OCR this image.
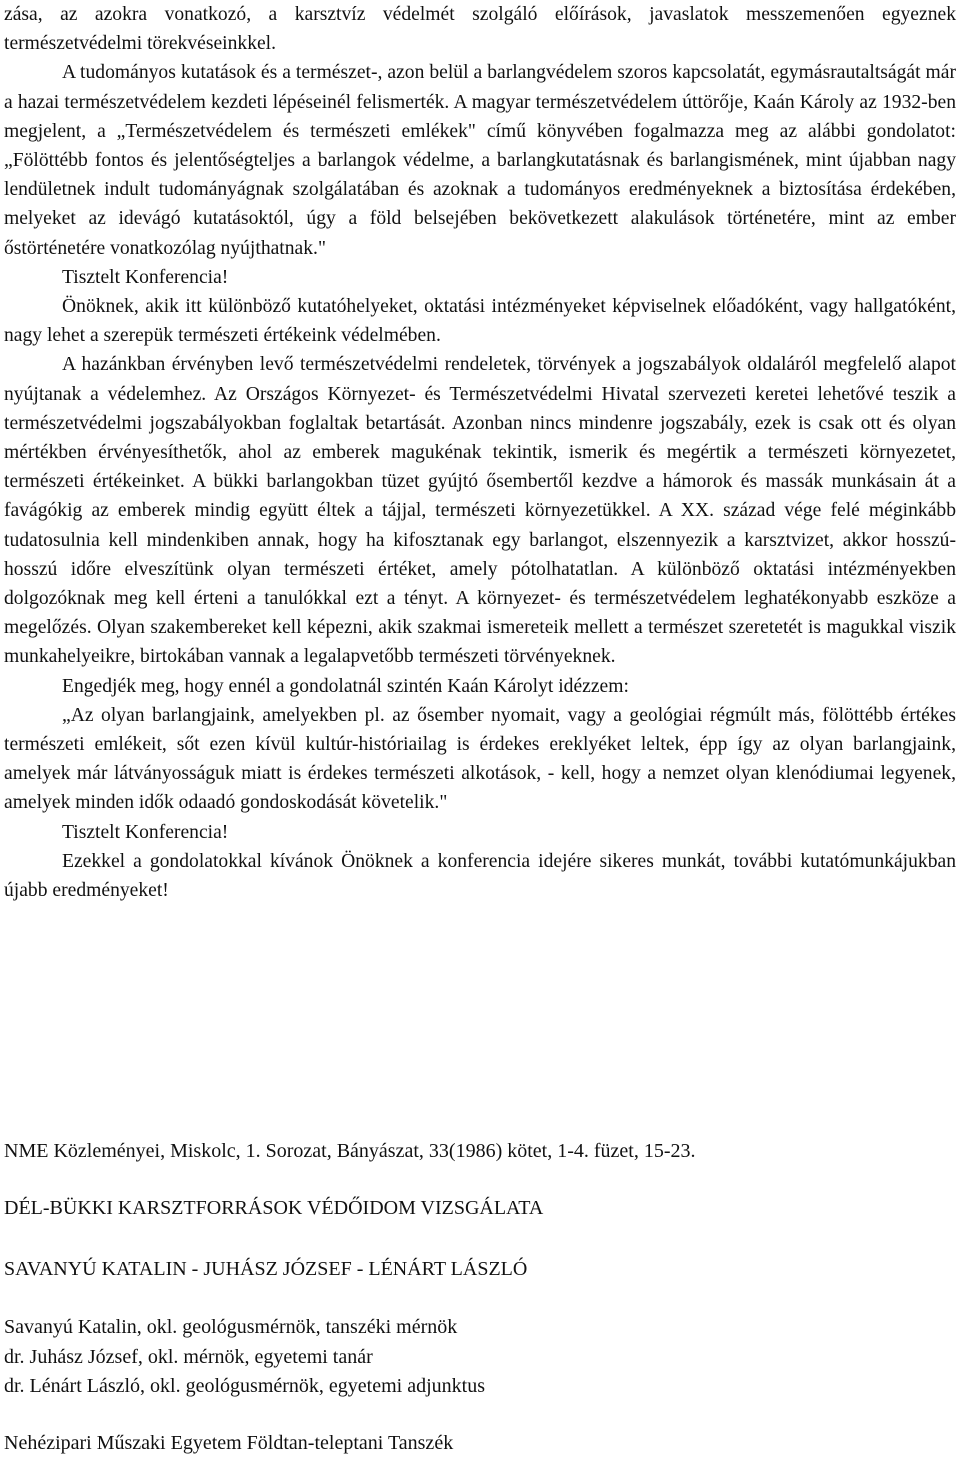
zása, az azokra vonatkozó, a karsztvíz védelmét szolgáló előírások, javaslatok messzemenően egyeznek természetvédelmi törekvéseinkkel.

A tudományos kutatások és a természet-, azon belül a barlangvédelem szoros kapcsolatát, egymásrautaltságát már a hazai természetvédelem kezdeti lépéseinél felismerték. A magyar természetvédelem úttörője, Kaán Károly az 1932-ben megjelent, a „Természetvédelem és természeti emlékek" című könyvében fogalmazza meg az alábbi gondolatot: „Fölöttébb fontos és jelentőségteljes a barlangok védelme, a barlangkutatásnak és barlangismének, mint újabban nagy lendületnek indult tudományágnak szolgálatában és azoknak a tudományos eredményeknek a biztosítása érdekében, melyeket az idevágó kutatásoktól, úgy a föld belsejében bekövetkezett alakulások történetére, mint az ember őstörténetére vonatkozólag nyújthatnak."

Tisztelt Konferencia!

Önöknek, akik itt különböző kutatóhelyeket, oktatási intézményeket képviselnek előadóként, vagy hallgatóként, nagy lehet a szerepük természeti értékeink védelmében.

A hazánkban érvényben levő természetvédelmi rendeletek, törvények a jogszabályok oldaláról megfelelő alapot nyújtanak a védelemhez. Az Országos Környezet- és Természetvédelmi Hivatal szervezeti keretei lehetővé teszik a természetvédelmi jogszabályokban foglaltak betartását. Azonban nincs mindenre jogszabály, ezek is csak ott és olyan mértékben érvényesíthetők, ahol az emberek magukénak tekintik, ismerik és megértik a természeti környezetet, természeti értékeinket. A bükki barlangokban tüzet gyújtó ősembertől kezdve a hámorok és massák munkásain át a favágókig az emberek mindig együtt éltek a tájjal, természeti környezetükkel. A XX. század vége felé méginkább tudatosulnia kell mindenkiben annak, hogy ha kifosztanak egy barlangot, elszennyezik a karsztvizet, akkor hosszú-hosszú időre elveszítünk olyan természeti értéket, amely pótolhatatlan. A különböző oktatási intézményekben dolgozóknak meg kell érteni a tanulókkal ezt a tényt. A környezet- és természetvédelem leghatékonyabb eszköze a megelőzés. Olyan szakembereket kell képezni, akik szakmai ismereteik mellett a természet szeretetét is magukkal viszik munkahelyeikre, birtokában vannak a legalapvetőbb természeti törvényeknek.

Engedjék meg, hogy ennél a gondolatnál szintén Kaán Károlyt idézzem:

„Az olyan barlangjaink, amelyekben pl. az ősember nyomait, vagy a geológiai régmúlt más, fölöttébb értékes természeti emlékeit, sőt ezen kívül kultúr-históriailag is érdekes ereklyéket leltek, épp így az olyan barlangjaink, amelyek már látványosságuk miatt is érdekes természeti alkotások, - kell, hogy a nemzet olyan klenódiumai legyenek, amelyek minden idők odaadó gondoskodását követelik."

Tisztelt Konferencia!

Ezekkel a gondolatokkal kívánok Önöknek a konferencia idejére sikeres munkát, további kutatómunkájukban újabb eredményeket!

NME Közleményei, Miskolc, 1. Sorozat, Bányászat, 33(1986) kötet, 1-4. füzet, 15-23.
DÉL-BÜKKI KARSZTFORRÁSOK VÉDŐIDOM VIZSGÁLATA
SAVANYÚ KATALIN - JUHÁSZ JÓZSEF - LÉNÁRT LÁSZLÓ
Savanyú Katalin, okl. geológusmérnök, tanszéki mérnök
dr. Juhász József, okl. mérnök, egyetemi tanár
dr. Lénárt László, okl. geológusmérnök, egyetemi adjunktus
Nehézipari Műszaki Egyetem Földtan-teleptani Tanszék
